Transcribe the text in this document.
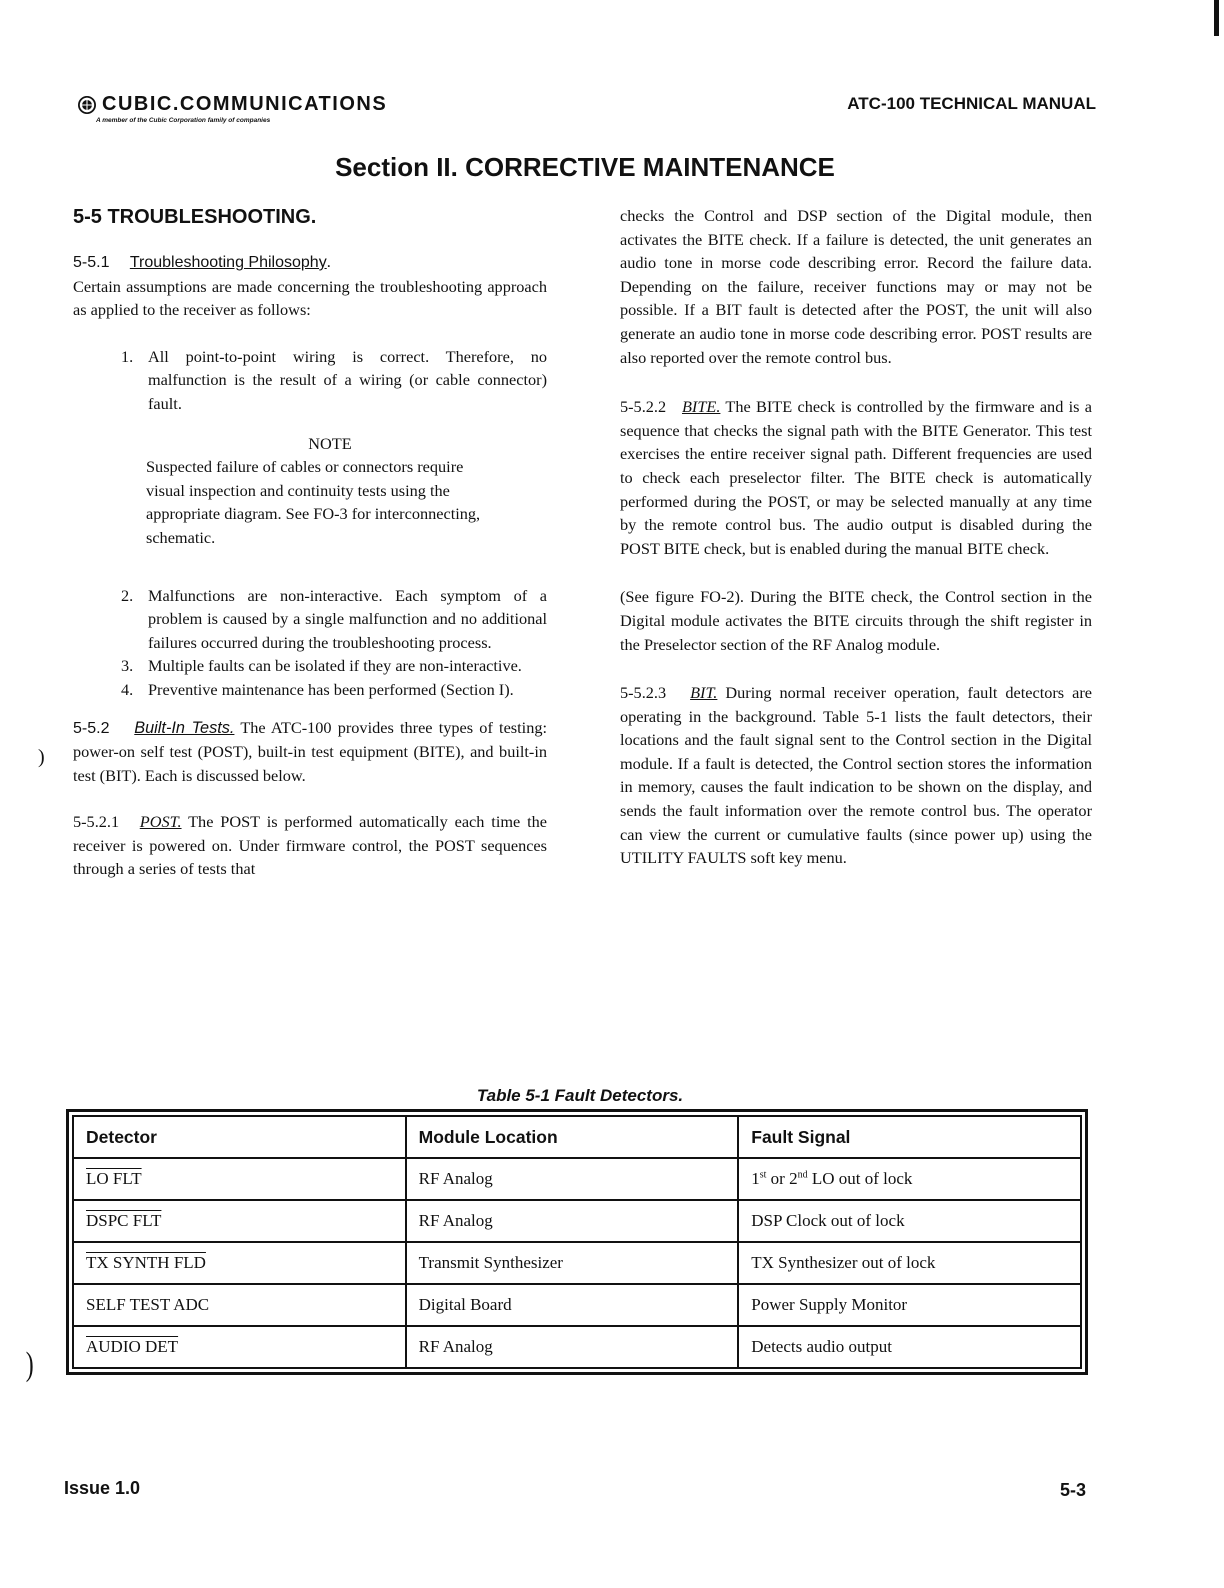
CUBIC.COMMUNICATIONS
A member of the Cubic Corporation family of companies
ATC-100 TECHNICAL MANUAL
Section II. CORRECTIVE MAINTENANCE
5-5 TROUBLESHOOTING.

5-5.1 Troubleshooting Philosophy.

Certain assumptions are made concerning the troubleshooting approach as applied to the receiver as follows:

1. All point-to-point wiring is correct. Therefore, no malfunction is the result of a wiring (or cable connector) fault.
NOTE
Suspected failure of cables or connectors require visual inspection and continuity tests using the appropriate diagram. See FO-3 for interconnecting, schematic.
2. Malfunctions are non-interactive. Each symptom of a problem is caused by a single malfunction and no additional failures occurred during the troubleshooting process.
3. Multiple faults can be isolated if they are non-interactive.
4. Preventive maintenance has been performed (Section I).

5-5.2 Built-In Tests. The ATC-100 provides three types of testing: power-on self test (POST), built-in test equipment (BITE), and built-in test (BIT). Each is discussed below.

5-5.2.1 POST. The POST is performed automatically each time the receiver is powered on. Under firmware control, the POST sequences through a series of tests that

checks the Control and DSP section of the Digital module, then activates the BITE check. If a failure is detected, the unit generates an audio tone in morse code describing error. Record the failure data. Depending on the failure, receiver functions may or may not be possible. If a BIT fault is detected after the POST, the unit will also generate an audio tone in morse code describing error. POST results are also reported over the remote control bus.

5-5.2.2 BITE. The BITE check is controlled by the firmware and is a sequence that checks the signal path with the BITE Generator. This test exercises the entire receiver signal path. Different frequencies are used to check each preselector filter. The BITE check is automatically performed during the POST, or may be selected manually at any time by the remote control bus. The audio output is disabled during the POST BITE check, but is enabled during the manual BITE check.

(See figure FO-2). During the BITE check, the Control section in the Digital module activates the BITE circuits through the shift register in the Preselector section of the RF Analog module.

5-5.2.3 BIT. During normal receiver operation, fault detectors are operating in the background. Table 5-1 lists the fault detectors, their locations and the fault signal sent to the Control section in the Digital module. If a fault is detected, the Control section stores the information in memory, causes the fault indication to be shown on the display, and sends the fault information over the remote control bus. The operator can view the current or cumulative faults (since power up) using the UTILITY FAULTS soft key menu.

Table 5-1 Fault Detectors.
Detector	Module Location	Fault Signal
LO FLT	RF Analog	1st or 2nd LO out of lock
DSPC FLT	RF Analog	DSP Clock out of lock
TX SYNTH FLD	Transmit Synthesizer	TX Synthesizer out of lock
SELF TEST ADC	Digital Board	Power Supply Monitor
AUDIO DET	RF Analog	Detects audio output
)
)
Issue 1.0	5-3
